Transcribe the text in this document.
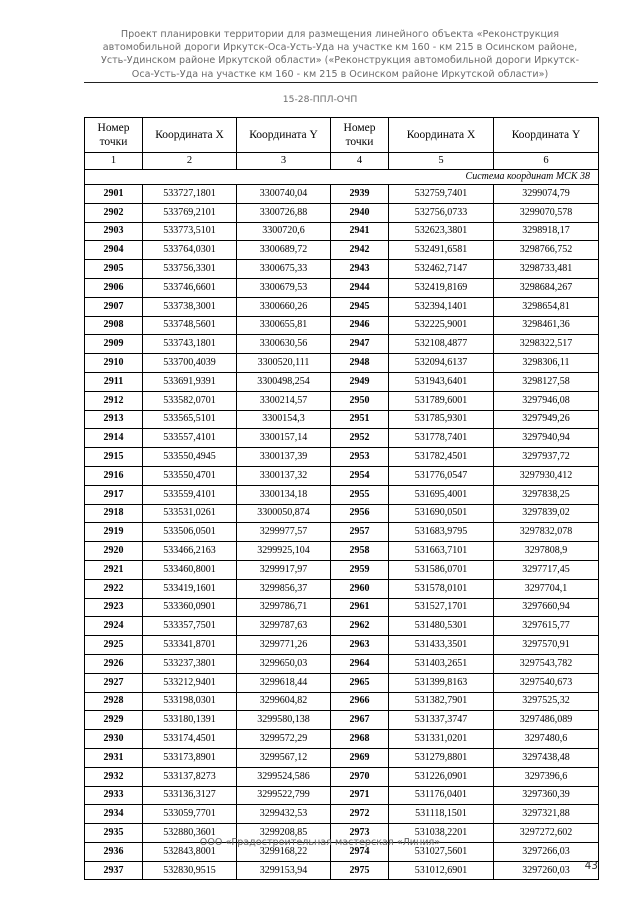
Проект планировки территории для размещения линейного объекта «Реконструкция автомобильной дороги Иркутск-Оса-Усть-Уда на участке км 160 - км 215 в Осинском районе, Усть-Удинском районе Иркутской области» («Реконструкция автомобильной дороги Иркутск-Оса-Усть-Уда на участке км 160 - км 215 в Осинском районе Иркутской области»)
15-28-ППЛ-ОЧП
Номер точки	Координата X	Координата Y	Номер точки	Координата X	Координата Y
1	2	3	4	5	6
Система координат МСК 38					
2901	533727,1801	3300740,04	2939	532759,7401	3299074,79
2902	533769,2101	3300726,88	2940	532756,0733	3299070,578
2903	533773,5101	3300720,6	2941	532623,3801	3298918,17
2904	533764,0301	3300689,72	2942	532491,6581	3298766,752
2905	533756,3301	3300675,33	2943	532462,7147	3298733,481
2906	533746,6601	3300679,53	2944	532419,8169	3298684,267
2907	533738,3001	3300660,26	2945	532394,1401	3298654,81
2908	533748,5601	3300655,81	2946	532225,9001	3298461,36
2909	533743,1801	3300630,56	2947	532108,4877	3298322,517
2910	533700,4039	3300520,111	2948	532094,6137	3298306,11
2911	533691,9391	3300498,254	2949	531943,6401	3298127,58
2912	533582,0701	3300214,57	2950	531789,6001	3297946,08
2913	533565,5101	3300154,3	2951	531785,9301	3297949,26
2914	533557,4101	3300157,14	2952	531778,7401	3297940,94
2915	533550,4945	3300137,39	2953	531782,4501	3297937,72
2916	533550,4701	3300137,32	2954	531776,0547	3297930,412
2917	533559,4101	3300134,18	2955	531695,4001	3297838,25
2918	533531,0261	3300050,874	2956	531690,0501	3297839,02
2919	533506,0501	3299977,57	2957	531683,9795	3297832,078
2920	533466,2163	3299925,104	2958	531663,7101	3297808,9
2921	533460,8001	3299917,97	2959	531586,0701	3297717,45
2922	533419,1601	3299856,37	2960	531578,0101	3297704,1
2923	533360,0901	3299786,71	2961	531527,1701	3297660,94
2924	533357,7501	3299787,63	2962	531480,5301	3297615,77
2925	533341,8701	3299771,26	2963	531433,3501	3297570,91
2926	533237,3801	3299650,03	2964	531403,2651	3297543,782
2927	533212,9401	3299618,44	2965	531399,8163	3297540,673
2928	533198,0301	3299604,82	2966	531382,7901	3297525,32
2929	533180,1391	3299580,138	2967	531337,3747	3297486,089
2930	533174,4501	3299572,29	2968	531331,0201	3297480,6
2931	533173,8901	3299567,12	2969	531279,8801	3297438,48
2932	533137,8273	3299524,586	2970	531226,0901	3297396,6
2933	533136,3127	3299522,799	2971	531176,0401	3297360,39
2934	533059,7701	3299432,53	2972	531118,1501	3297321,88
2935	532880,3601	3299208,85	2973	531038,2201	3297272,602
2936	532843,8001	3299168,22	2974	531027,5601	3297266,03
2937	532830,9515	3299153,94	2975	531012,6901	3297260,03
ООО «Градостроительная мастерская «Линия»
43
